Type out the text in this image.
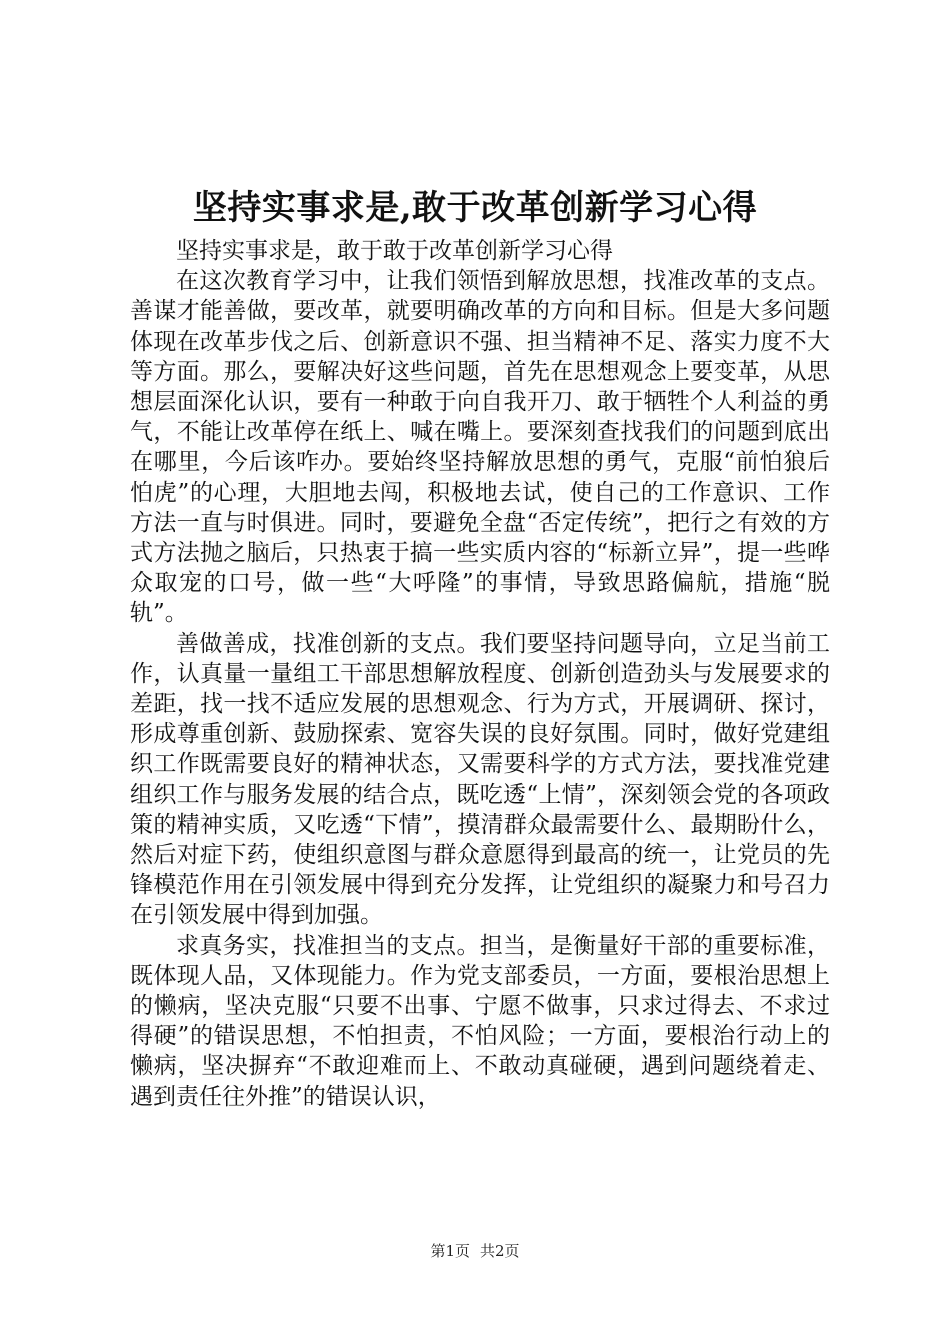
坚持实事求是,敢于改革创新学习心得

坚持实事求是，敢于敢于改革创新学习心得

在这次教育学习中，让我们领悟到解放思想，找准改革的支点。善谋才能善做，要改革，就要明确改革的方向和目标。但是大多问题体现在改革步伐之后、创新意识不强、担当精神不足、落实力度不大等方面。那么，要解决好这些问题，首先在思想观念上要变革，从思想层面深化认识，要有一种敢于向自我开刀、敢于牺牲个人利益的勇气，不能让改革停在纸上、喊在嘴上。要深刻查找我们的问题到底出在哪里，今后该咋办。要始终坚持解放思想的勇气，克服“前怕狼后怕虎”的心理，大胆地去闯，积极地去试，使自己的工作意识、工作方法一直与时俱进。同时，要避免全盘“否定传统”，把行之有效的方式方法抛之脑后，只热衷于搞一些实质内容的“标新立异”，提一些哗众取宠的口号，做一些“大呼隆”的事情，导致思路偏航，措施“脱轨”。

善做善成，找准创新的支点。我们要坚持问题导向，立足当前工作，认真量一量组工干部思想解放程度、创新创造劲头与发展要求的差距，找一找不适应发展的思想观念、行为方式，开展调研、探讨，形成尊重创新、鼓励探索、宽容失误的良好氛围。同时，做好党建组织工作既需要良好的精神状态，又需要科学的方式方法，要找准党建组织工作与服务发展的结合点，既吃透“上情”，深刻领会党的各项政策的精神实质，又吃透“下情”，摸清群众最需要什么、最期盼什么，然后对症下药，使组织意图与群众意愿得到最高的统一，让党员的先锋模范作用在引领发展中得到充分发挥，让党组织的凝聚力和号召力在引领发展中得到加强。

求真务实，找准担当的支点。担当，是衡量好干部的重要标准，既体现人品，又体现能力。作为党支部委员，一方面，要根治思想上的懒病，坚决克服“只要不出事、宁愿不做事，只求过得去、不求过得硬”的错误思想，不怕担责，不怕风险；一方面，要根治行动上的懒病，坚决摒弃“不敢迎难而上、不敢动真碰硬，遇到问题绕着走、遇到责任往外推”的错误认识，

第1页 共2页
